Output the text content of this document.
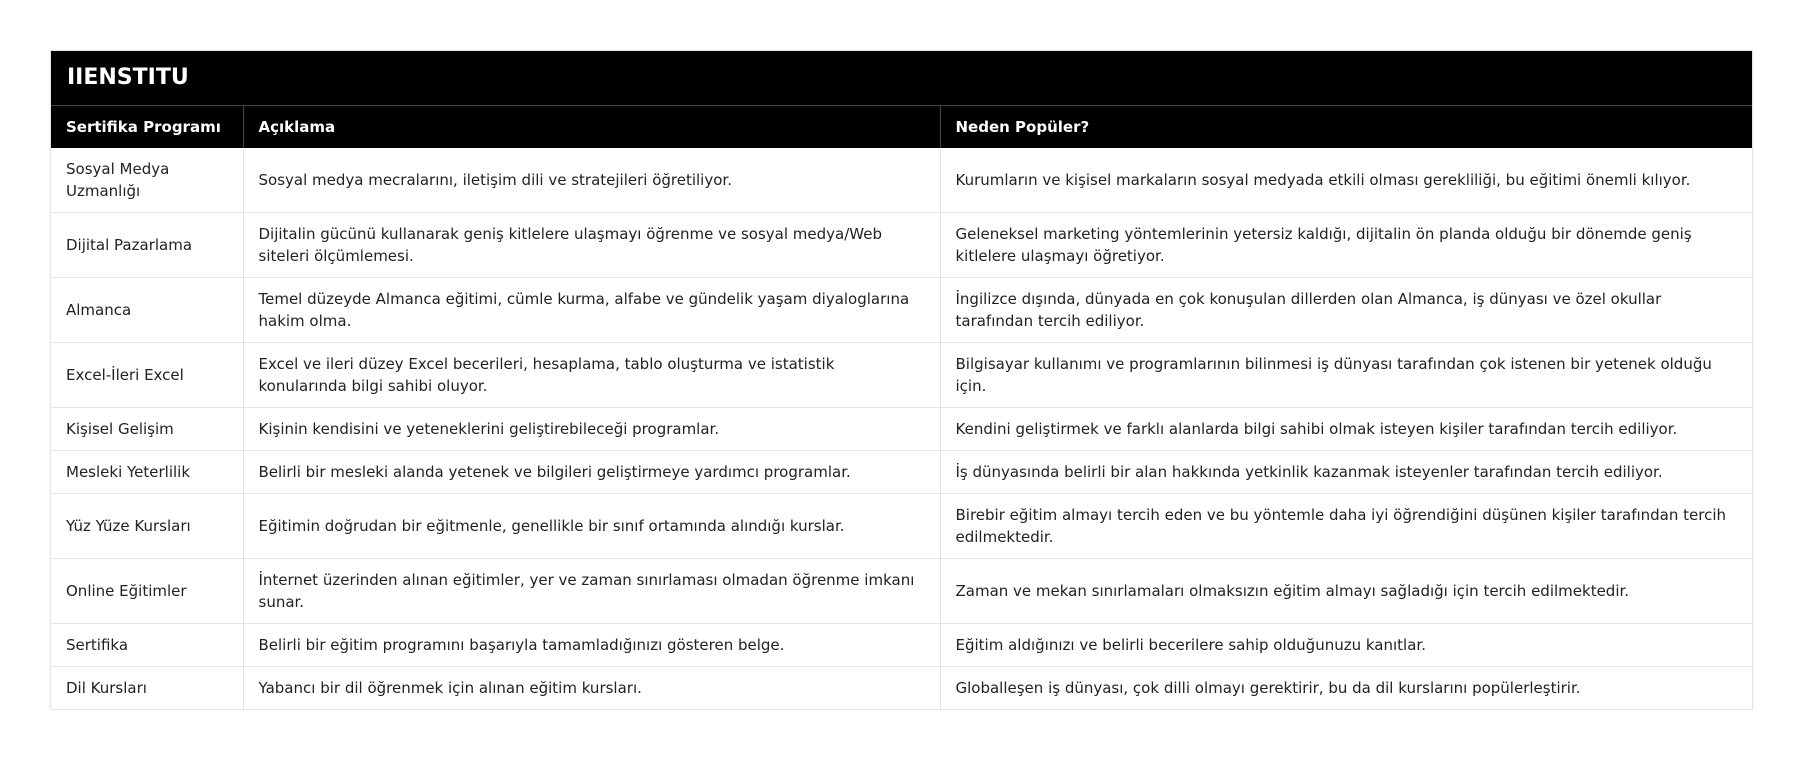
IIENSTITU
Sertifika Programı	Açıklama	Neden Popüler?
Sosyal Medya Uzmanlığı	Sosyal medya mecralarını, iletişim dili ve stratejileri öğretiliyor.	Kurumların ve kişisel markaların sosyal medyada etkili olması gerekliliği, bu eğitimi önemli kılıyor.
Dijital Pazarlama	Dijitalin gücünü kullanarak geniş kitlelere ulaşmayı öğrenme ve sosyal medya/Web siteleri ölçümlemesi.	Geleneksel marketing yöntemlerinin yetersiz kaldığı, dijitalin ön planda olduğu bir dönemde geniş kitlelere ulaşmayı öğretiyor.
Almanca	Temel düzeyde Almanca eğitimi, cümle kurma, alfabe ve gündelik yaşam diyaloglarına hakim olma.	İngilizce dışında, dünyada en çok konuşulan dillerden olan Almanca, iş dünyası ve özel okullar tarafından tercih ediliyor.
Excel-İleri Excel	Excel ve ileri düzey Excel becerileri, hesaplama, tablo oluşturma ve istatistik konularında bilgi sahibi oluyor.	Bilgisayar kullanımı ve programlarının bilinmesi iş dünyası tarafından çok istenen bir yetenek olduğu için.
Kişisel Gelişim	Kişinin kendisini ve yeteneklerini geliştirebileceği programlar.	Kendini geliştirmek ve farklı alanlarda bilgi sahibi olmak isteyen kişiler tarafından tercih ediliyor.
Mesleki Yeterlilik	Belirli bir mesleki alanda yetenek ve bilgileri geliştirmeye yardımcı programlar.	İş dünyasında belirli bir alan hakkında yetkinlik kazanmak isteyenler tarafından tercih ediliyor.
Yüz Yüze Kursları	Eğitimin doğrudan bir eğitmenle, genellikle bir sınıf ortamında alındığı kurslar.	Birebir eğitim almayı tercih eden ve bu yöntemle daha iyi öğrendiğini düşünen kişiler tarafından tercih edilmektedir.
Online Eğitimler	İnternet üzerinden alınan eğitimler, yer ve zaman sınırlaması olmadan öğrenme imkanı sunar.	Zaman ve mekan sınırlamaları olmaksızın eğitim almayı sağladığı için tercih edilmektedir.
Sertifika	Belirli bir eğitim programını başarıyla tamamladığınızı gösteren belge.	Eğitim aldığınızı ve belirli becerilere sahip olduğunuzu kanıtlar.
Dil Kursları	Yabancı bir dil öğrenmek için alınan eğitim kursları.	Globalleşen iş dünyası, çok dilli olmayı gerektirir, bu da dil kurslarını popülerleştirir.
